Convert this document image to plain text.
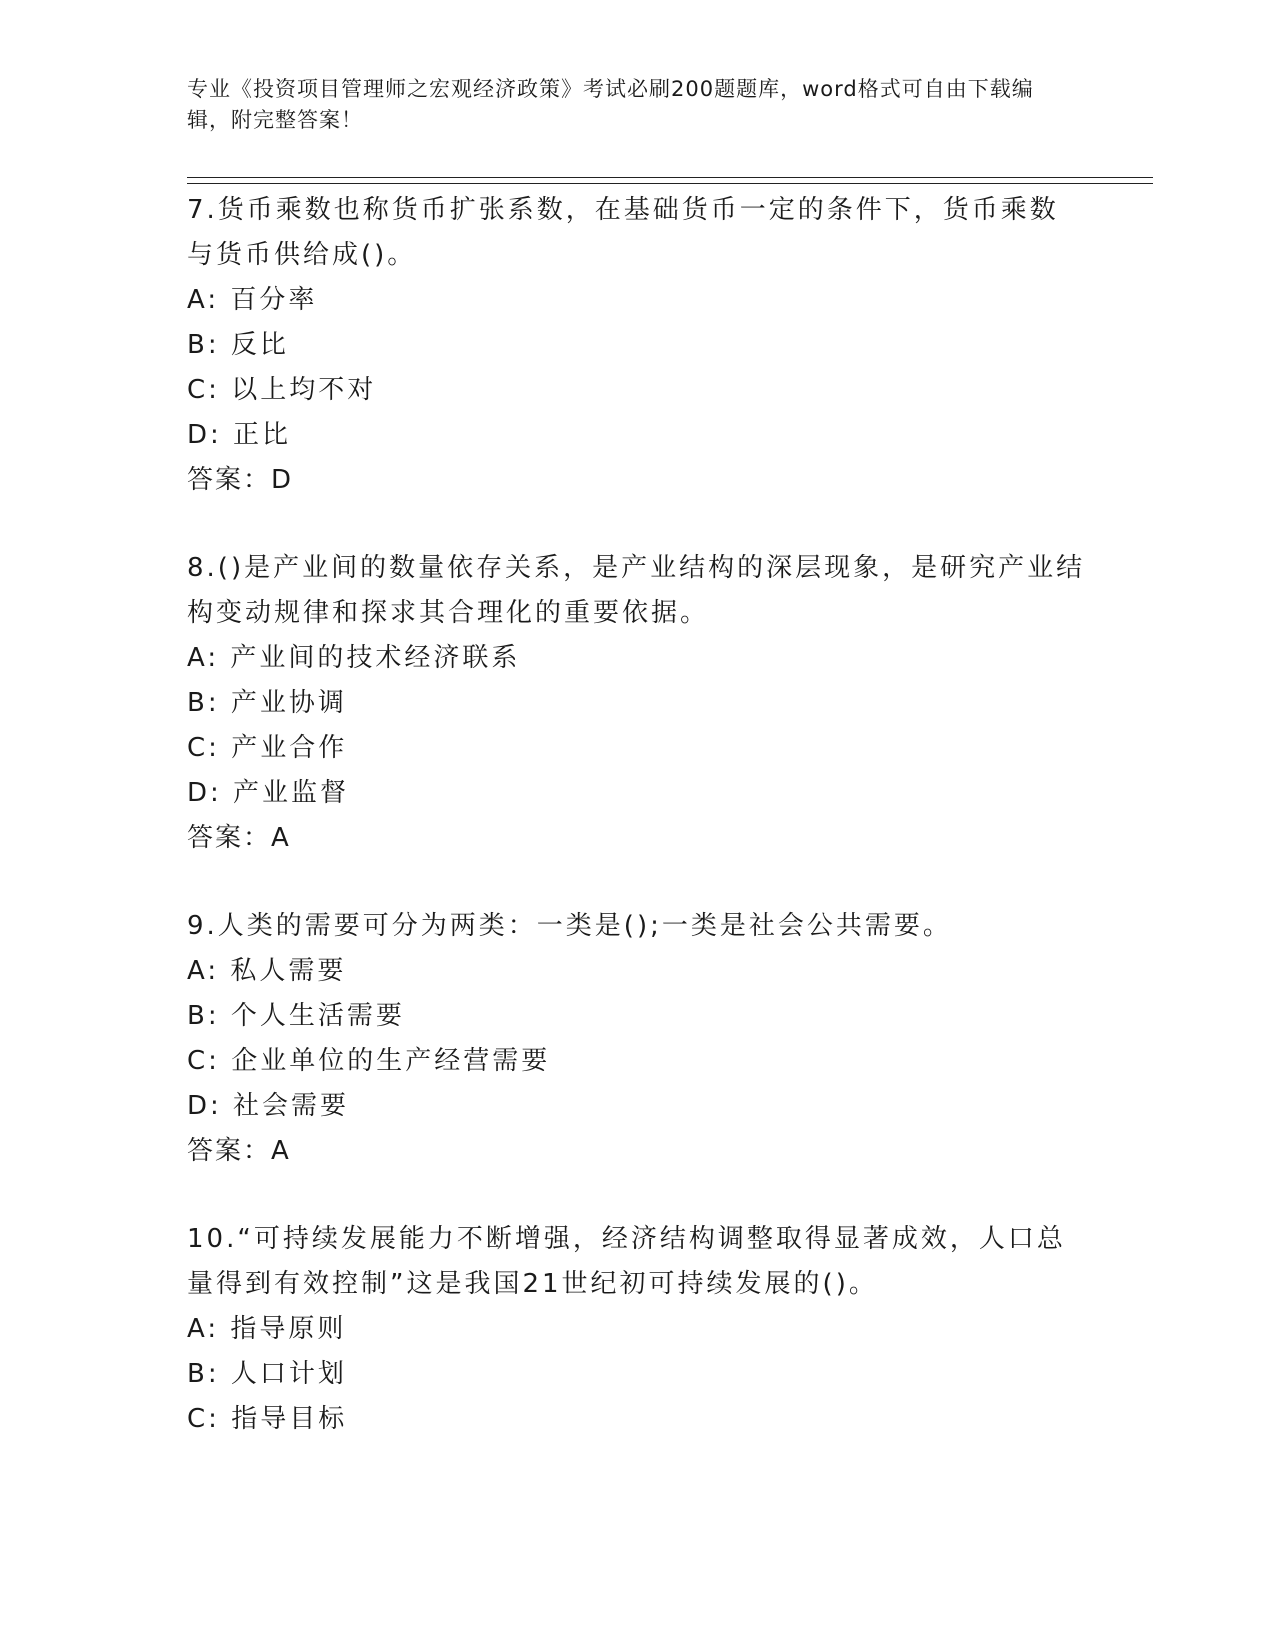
专业《投资项目管理师之宏观经济政策》考试必刷200题题库，word格式可自由下载编辑，附完整答案！
7.货币乘数也称货币扩张系数，在基础货币一定的条件下，货币乘数与货币供给成()。
A: 百分率
B: 反比
C: 以上均不对
D: 正比
答案：D
8.()是产业间的数量依存关系，是产业结构的深层现象，是研究产业结构变动规律和探求其合理化的重要依据。
A: 产业间的技术经济联系
B: 产业协调
C: 产业合作
D: 产业监督
答案：A
9.人类的需要可分为两类：一类是();一类是社会公共需要。
A: 私人需要
B: 个人生活需要
C: 企业单位的生产经营需要
D: 社会需要
答案：A
10.“可持续发展能力不断增强，经济结构调整取得显著成效，人口总量得到有效控制”这是我国21世纪初可持续发展的()。
A: 指导原则
B: 人口计划
C: 指导目标
